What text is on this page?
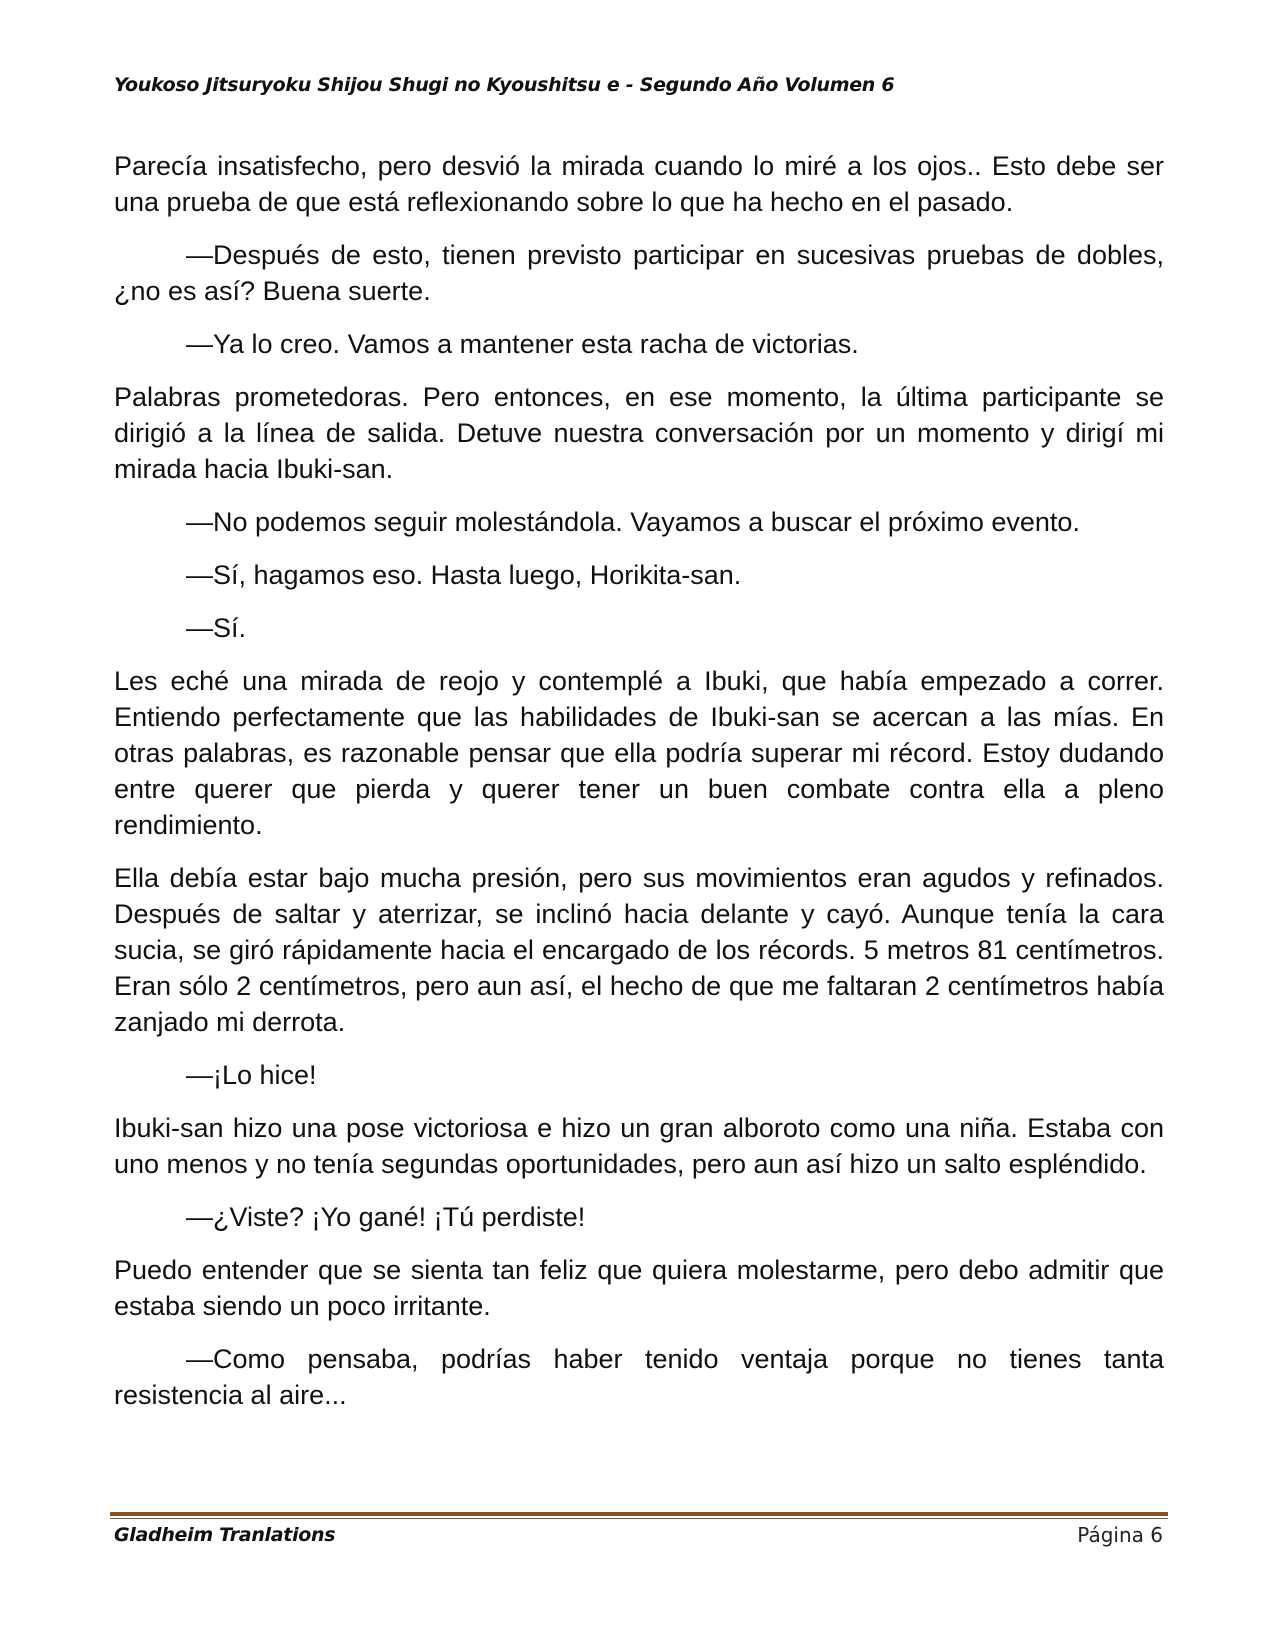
Youkoso Jitsuryoku Shijou Shugi no Kyoushitsu e - Segundo Año Volumen 6

Parecía insatisfecho, pero desvió la mirada cuando lo miré a los ojos.. Esto debe ser una prueba de que está reflexionando sobre lo que ha hecho en el pasado.

—Después de esto, tienen previsto participar en sucesivas pruebas de dobles, ¿no es así? Buena suerte.

—Ya lo creo. Vamos a mantener esta racha de victorias.

Palabras prometedoras. Pero entonces, en ese momento, la última participante se dirigió a la línea de salida. Detuve nuestra conversación por un momento y dirigí mi mirada hacia Ibuki-san.

—No podemos seguir molestándola. Vayamos a buscar el próximo evento.

—Sí, hagamos eso. Hasta luego, Horikita-san.

—Sí.

Les eché una mirada de reojo y contemplé a Ibuki, que había empezado a correr. Entiendo perfectamente que las habilidades de Ibuki-san se acercan a las mías. En otras palabras, es razonable pensar que ella podría superar mi récord. Estoy dudando entre querer que pierda y querer tener un buen combate contra ella a pleno rendimiento.

Ella debía estar bajo mucha presión, pero sus movimientos eran agudos y refinados. Después de saltar y aterrizar, se inclinó hacia delante y cayó. Aunque tenía la cara sucia, se giró rápidamente hacia el encargado de los récords. 5 metros 81 centímetros. Eran sólo 2 centímetros, pero aun así, el hecho de que me faltaran 2 centímetros había zanjado mi derrota.

—¡Lo hice!

Ibuki-san hizo una pose victoriosa e hizo un gran alboroto como una niña. Estaba con uno menos y no tenía segundas oportunidades, pero aun así hizo un salto espléndido.

—¿Viste? ¡Yo gané! ¡Tú perdiste!

Puedo entender que se sienta tan feliz que quiera molestarme, pero debo admitir que estaba siendo un poco irritante.

—Como pensaba, podrías haber tenido ventaja porque no tienes tanta resistencia al aire...

Gladheim Tranlations	Página 6
